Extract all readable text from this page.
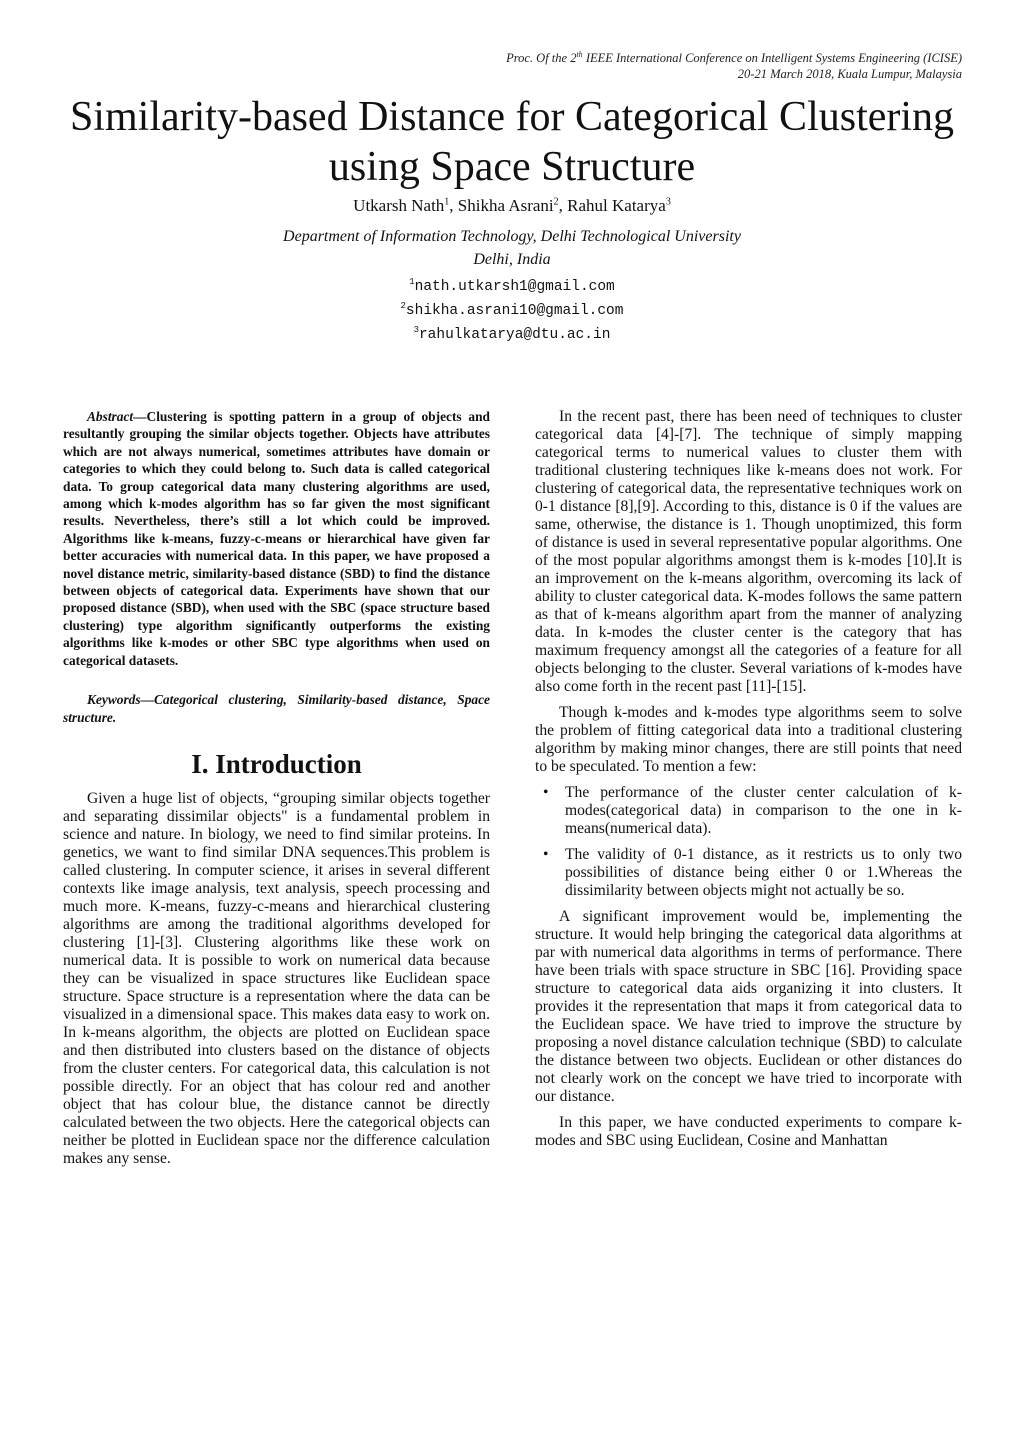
Proc. Of the 2th IEEE International Conference on Intelligent Systems Engineering (ICISE)
20-21 March 2018, Kuala Lumpur, Malaysia
Similarity-based Distance for Categorical Clustering
using Space Structure
Utkarsh Nath$^1$, Shikha Asrani$^2$, Rahul Katarya$^3$
Department of Information Technology, Delhi Technological University
Delhi, India
$^1$nath.utkarsh1@gmail.com
$^2$shikha.asrani10@gmail.com
$^3$rahulkatarya@dtu.ac.in

Abstract—Clustering is spotting pattern in a group of objects and resultantly grouping the similar objects together. Objects have attributes which are not always numerical, sometimes attributes have domain or categories to which they could belong to. Such data is called categorical data. To group categorical data many clustering algorithms are used, among which k-modes algorithm has so far given the most significant results. Nevertheless, there’s still a lot which could be improved. Algorithms like k-means, fuzzy-c-means or hierarchical have given far better accuracies with numerical data. In this paper, we have proposed a novel distance metric, similarity-based distance (SBD) to find the distance between objects of categorical data. Experiments have shown that our proposed distance (SBD), when used with the SBC (space structure based clustering) type algorithm significantly outperforms the existing algorithms like k-modes or other SBC type algorithms when used on categorical datasets.

Keywords—Categorical clustering, Similarity-based distance, Space structure.

I. Introduction

Given a huge list of objects, “grouping similar objects together and separating dissimilar objects" is a fundamental problem in science and nature. In biology, we need to find similar proteins. In genetics, we want to find similar DNA sequences.This problem is called clustering. In computer science, it arises in several different contexts like image analysis, text analysis, speech processing and much more. K-means, fuzzy-c-means and hierarchical clustering algorithms are among the traditional algorithms developed for clustering [1]-[3]. Clustering algorithms like these work on numerical data. It is possible to work on numerical data because they can be visualized in space structures like Euclidean space structure. Space structure is a representation where the data can be visualized in a dimensional space. This makes data easy to work on. In k-means algorithm, the objects are plotted on Euclidean space and then distributed into clusters based on the distance of objects from the cluster centers. For categorical data, this calculation is not possible directly. For an object that has colour red and another object that has colour blue, the distance cannot be directly calculated between the two objects. Here the categorical objects can neither be plotted in Euclidean space nor the difference calculation makes any sense.

In the recent past, there has been need of techniques to cluster categorical data [4]-[7]. The technique of simply mapping categorical terms to numerical values to cluster them with traditional clustering techniques like k-means does not work. For clustering of categorical data, the representative techniques work on 0-1 distance [8],[9]. According to this, distance is 0 if the values are same, otherwise, the distance is 1. Though unoptimized, this form of distance is used in several representative popular algorithms. One of the most popular algorithms amongst them is k-modes [10].It is an improvement on the k-means algorithm, overcoming its lack of ability to cluster categorical data. K-modes follows the same pattern as that of k-means algorithm apart from the manner of analyzing data. In k-modes the cluster center is the category that has maximum frequency amongst all the categories of a feature for all objects belonging to the cluster. Several variations of k-modes have also come forth in the recent past [11]-[15].

Though k-modes and k-modes type algorithms seem to solve the problem of fitting categorical data into a traditional clustering algorithm by making minor changes, there are still points that need to be speculated. To mention a few:

• The performance of the cluster center calculation of k-modes(categorical data) in comparison to the one in k-means(numerical data).
• The validity of 0-1 distance, as it restricts us to only two possibilities of distance being either 0 or 1.Whereas the dissimilarity between objects might not actually be so.

A significant improvement would be, implementing the structure. It would help bringing the categorical data algorithms at par with numerical data algorithms in terms of performance. There have been trials with space structure in SBC [16]. Providing space structure to categorical data aids organizing it into clusters. It provides it the representation that maps it from categorical data to the Euclidean space. We have tried to improve the structure by proposing a novel distance calculation technique (SBD) to calculate the distance between two objects. Euclidean or other distances do not clearly work on the concept we have tried to incorporate with our distance.

In this paper, we have conducted experiments to compare k-modes and SBC using Euclidean, Cosine and Manhattan
